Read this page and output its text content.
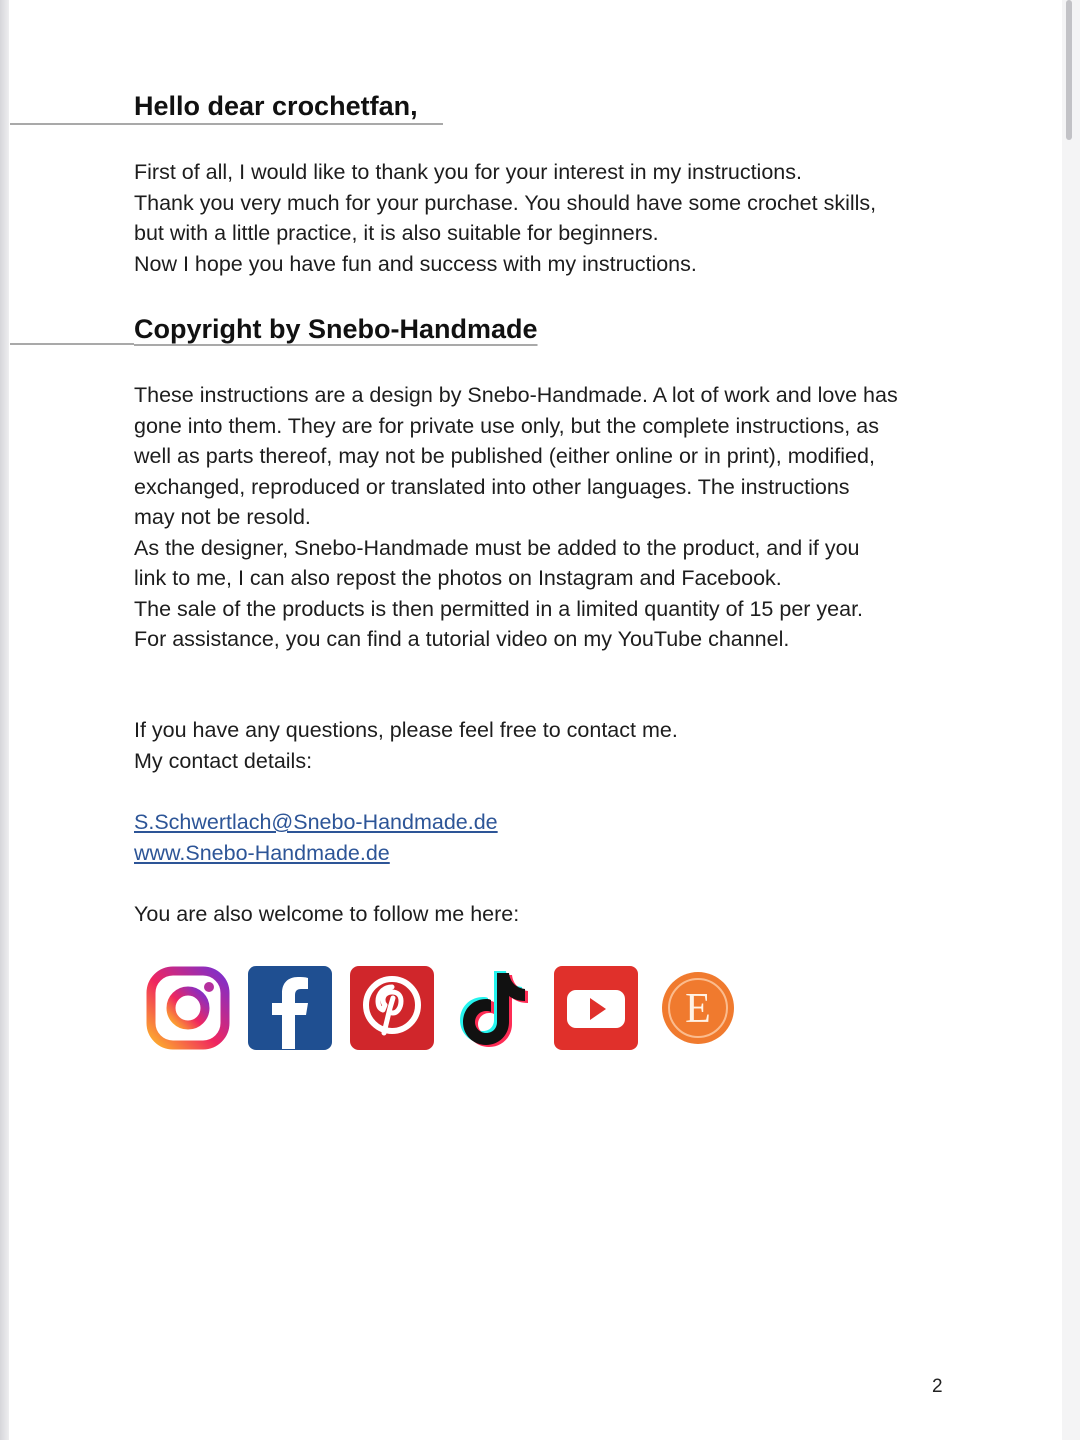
Hello dear crochetfan,
First of all, I would like to thank you for your interest in my instructions.
Thank you very much for your purchase. You should have some crochet skills,
but with a little practice, it is also suitable for beginners.
Now I hope you have fun and success with my instructions.
Copyright by Snebo-Handmade
These instructions are a design by Snebo-Handmade. A lot of work and love has
gone into them. They are for private use only, but the complete instructions, as
well as parts thereof, may not be published (either online or in print), modified,
exchanged, reproduced or translated into other languages. The instructions
may not be resold.
As the designer, Snebo-Handmade must be added to the product, and if you
link to me, I can also repost the photos on Instagram and Facebook.
The sale of the products is then permitted in a limited quantity of 15 per year.
For assistance, you can find a tutorial video on my YouTube channel.
If you have any questions, please feel free to contact me.
My contact details:
S.Schwertlach@Snebo-Handmade.de
www.Snebo-Handmade.de
You are also welcome to follow me here:
E
2
